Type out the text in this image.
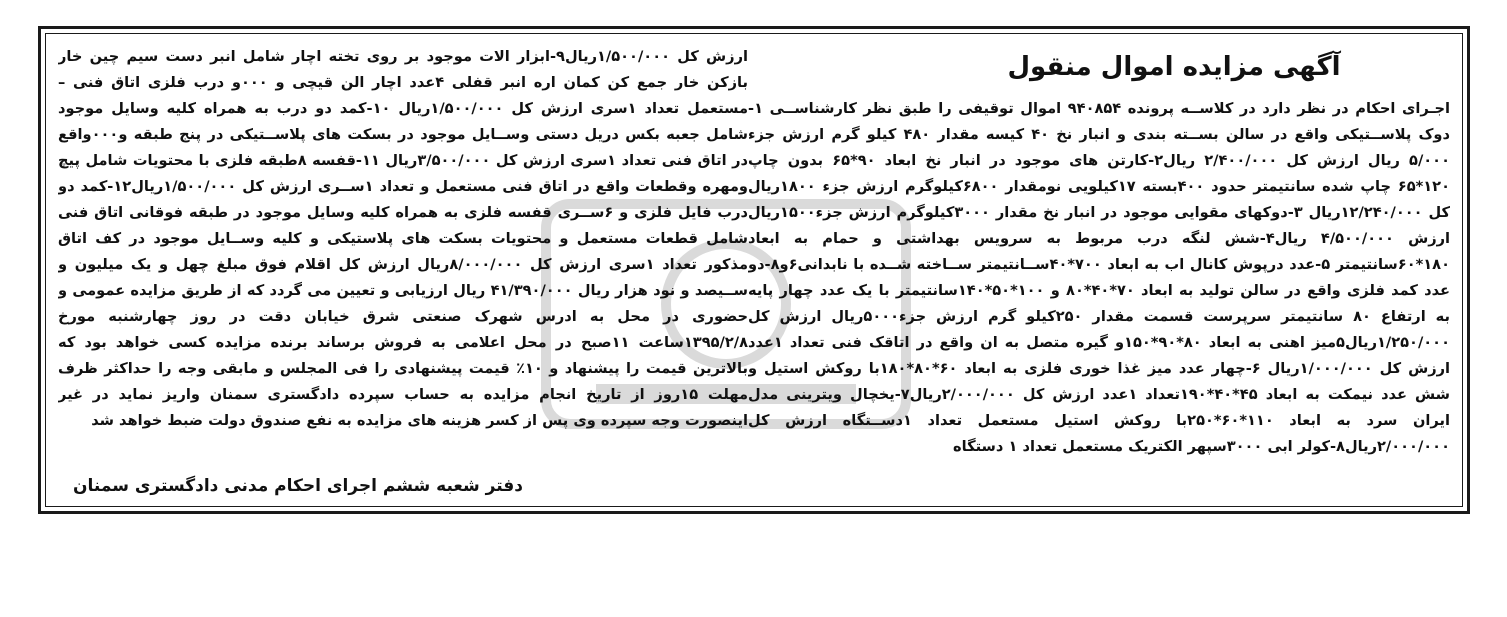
آگهی مزایده اموال منقول

اجـرای احکام در نظر دارد در کلاســه پرونده ۹۴۰۸۵۴ اموال توقیفی را طبق نظر کارشناســی ۱-دوک پلاســتیکی واقع در سالن بســته بندی و انبار نخ ۴۰ کیسه مقدار ۴۸۰ کیلو گرم ارزش جزء ۵/۰۰۰ ریال ارزش کل ۲/۴۰۰/۰۰۰ ریال۲-کارتن های موجود در انبار نخ ابعاد ۹۰*۶۵ بدون چاپ ۱۲۰*۶۵ چاپ شده سانتیمتر حدود ۴۰۰بسته ۱۷کیلویی نومقدار ۶۸۰۰کیلوگرم ارزش جزء ۱۸۰۰ریال کل ۱۲/۲۴۰/۰۰۰ریال ۳-دوکهای مقوایی موجود در انبار نخ مقدار ۳۰۰۰کیلوگرم ارزش جزء۱۵۰۰ریال ارزش ۴/۵۰۰/۰۰۰ ریال۴-شش لنگه درب مربوط به سرویس بهداشتی و حمام به ابعاد ۱۸۰*۶۰سانتیمتر ۵-عدد درپوش کانال اب به ابعاد ۷۰۰*۴۰ســانتیمتر ســاخته شــده با نابدانی۶و۸-دو عدد کمد فلزی واقع در سالن تولید به ابعاد ۷۰*۴۰*۸۰ و ۱۰۰*۵۰*۱۴۰سانتیمتر با یک عدد چهار پایه به ارتفاع ۸۰ سانتیمتر سرپرست قسمت مقدار ۲۵۰کیلو گرم ارزش جزء۵۰۰۰ریال ارزش کل ۱/۲۵۰/۰۰۰ریال۵میز اهنی به ابعاد ۸۰*۹۰*۱۵۰و گیره متصل به ان واقع در اتاقک فنی تعداد ۱عدد ارزش کل ۱/۰۰۰/۰۰۰ریال ۶-چهار عدد میز غذا خوری فلزی به ابعاد ۶۰*۸۰*۱۸۰با روکش استیل و شش عدد نیمکت به ابعاد ۴۵*۴۰*۱۹۰تعداد ۱عدد ارزش کل ۲/۰۰۰/۰۰۰ریال۷-یخچال ویترینی مدل ایران سرد به ابعاد ۱۱۰*۶۰*۲۵۰با روکش استیل مستعمل تعداد ۱دســتگاه ارزش کل ۲/۰۰۰/۰۰۰ریال۸-کولر ابی ۳۰۰۰سپهر الکتریک مستعمل تعداد ۱ دستگاه

ارزش کل ۱/۵۰۰/۰۰۰ریال۹-ابزار الات موجود بر روی تخته اچار شامل انبر دست سیم چین خار بازکن خار جمع کن کمان اره انبر قفلی ۴عدد اچار الن قیچی و ۰۰۰و درب فلزی اتاق فنی –مستعمل تعداد ۱سری ارزش کل ۱/۵۰۰/۰۰۰ریال ۱۰-کمد دو درب به همراه کلیه وسایل موجود شامل جعبه بکس دریل دستی وســایل موجود در بسکت های پلاســتیکی در پنج طبقه و۰۰۰واقع در اتاق فنی تعداد ۱سری ارزش کل ۳/۵۰۰/۰۰۰ریال ۱۱-قفسه ۸طبقه فلزی با محتویات شامل پیچ ومهره وقطعات واقع در اتاق فنی مستعمل و تعداد ۱ســری ارزش کل ۱/۵۰۰/۰۰۰ریال۱۲-کمد دو درب فایل فلزی و ۶ســری قفسه فلزی به همراه کلیه وسایل موجود در طبقه فوقانی اتاق فنی شامل قطعات مستعمل و محتویات بسکت های پلاستیکی و کلیه وســایل موجود در کف اتاق مذکور تعداد ۱سری ارزش کل ۸/۰۰۰/۰۰۰ریال ارزش کل اقلام فوق مبلغ چهل و یک میلیون و ســیصد و نود هزار ریال ۴۱/۳۹۰/۰۰۰ ریال ارزیابی و تعیین می گردد که از طریق مزایده عمومی و حضوری در محل به ادرس شهرک صنعتی شرق خیابان دقت در روز چهارشنبه مورخ ۱۳۹۵/۲/۸ساعت ۱۱صبح در محل اعلامی به فروش برساند برنده مزایده کسی خواهد بود که بالاترین قیمت را پیشنهاد و ۱۰٪ قیمت پیشنهادی را فی المجلس و مابقی وجه را حداکثر ظرف مهلت ۱۵روز از تاریخ انجام مزایده به حساب سپرده دادگستری سمنان واریز نماید در غیر اینصورت وجه سپرده وی پس از کسر هزینه های مزایده به نفع صندوق دولت ضبط خواهد شد

دفتر شعبه ششم اجرای احکام مدنی دادگستری سمنان
